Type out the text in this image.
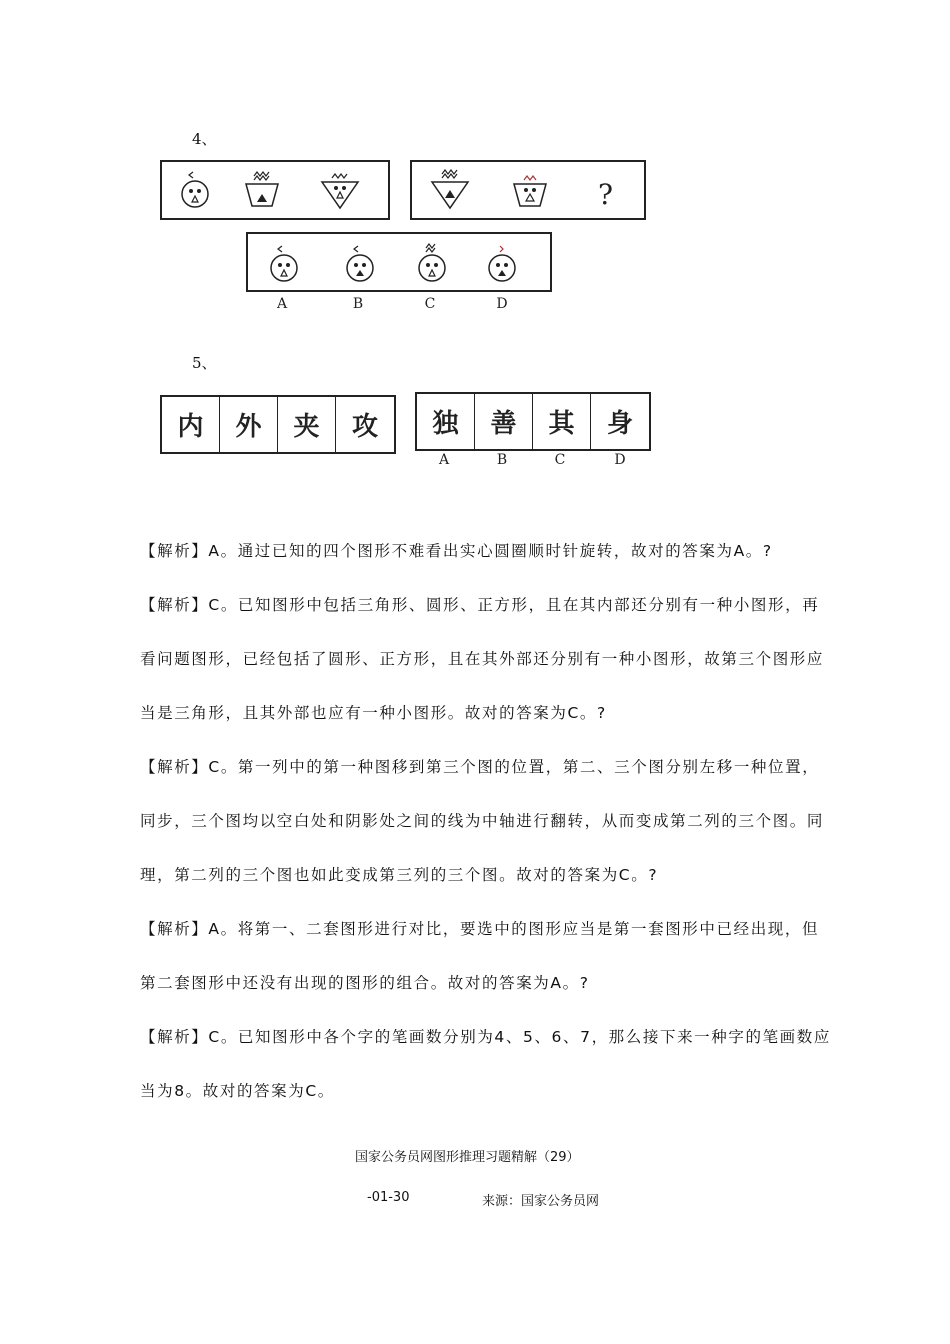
4、
?
A	B	C	D
5、
内	外	夹	攻	独	善	其	身
A	B	C	D
【解析】A。通过已知的四个图形不难看出实心圆圈顺时针旋转，故对的答案为A。?
【解析】C。已知图形中包括三角形、圆形、正方形，且在其内部还分别有一种小图形，再
看问题图形，已经包括了圆形、正方形，且在其外部还分别有一种小图形，故第三个图形应
当是三角形，且其外部也应有一种小图形。故对的答案为C。?
【解析】C。第一列中的第一种图移到第三个图的位置，第二、三个图分别左移一种位置，
同步，三个图均以空白处和阴影处之间的线为中轴进行翻转，从而变成第二列的三个图。同
理，第二列的三个图也如此变成第三列的三个图。故对的答案为C。?
【解析】A。将第一、二套图形进行对比，要选中的图形应当是第一套图形中已经出现，但
第二套图形中还没有出现的图形的组合。故对的答案为A。?
【解析】C。已知图形中各个字的笔画数分别为4、5、6、7，那么接下来一种字的笔画数应
当为8。故对的答案为C。
国家公务员网图形推理习题精解（29）
-01-30	来源：国家公务员网
